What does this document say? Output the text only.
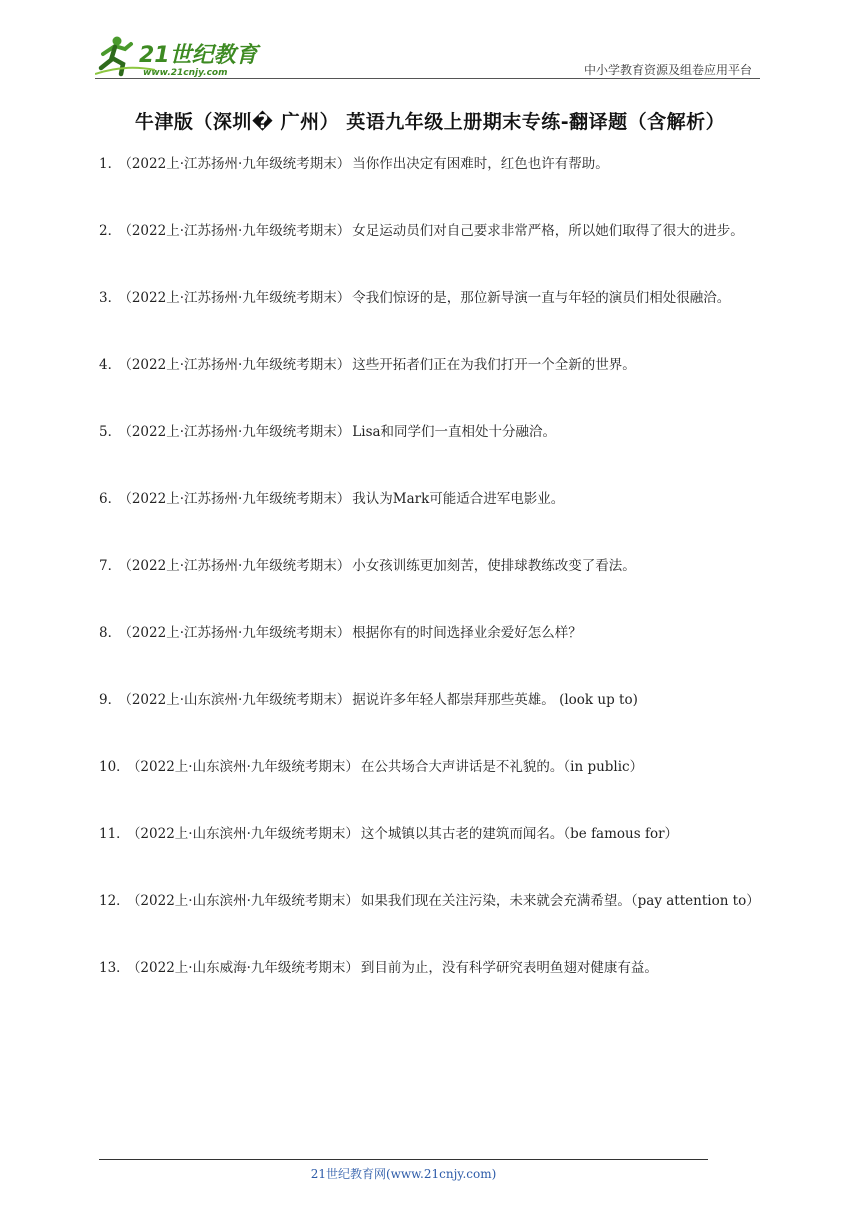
21世纪教育
www.21cnjy.com	中小学教育资源及组卷应用平台
牛津版（深圳� 广州） 英语九年级上册期末专练-翻译题（含解析）
1． （2022上·江苏扬州·九年级统考期末） 当你作出决定有困难时，红色也许有帮助。
2． （2022上·江苏扬州·九年级统考期末） 女足运动员们对自己要求非常严格，所以她们取得了很大的进步。
3． （2022上·江苏扬州·九年级统考期末） 令我们惊讶的是，那位新导演一直与年轻的演员们相处很融洽。
4． （2022上·江苏扬州·九年级统考期末） 这些开拓者们正在为我们打开一个全新的世界。
5． （2022上·江苏扬州·九年级统考期末） Lisa和同学们一直相处十分融洽。
6． （2022上·江苏扬州·九年级统考期末） 我认为Mark可能适合进军电影业。
7． （2022上·江苏扬州·九年级统考期末） 小女孩训练更加刻苦，使排球教练改变了看法。
8． （2022上·江苏扬州·九年级统考期末） 根据你有的时间选择业余爱好怎么样？
9． （2022上·山东滨州·九年级统考期末） 据说许多年轻人都崇拜那些英雄。 (look up to)
10． （2022上·山东滨州·九年级统考期末） 在公共场合大声讲话是不礼貌的。（in public）
11． （2022上·山东滨州·九年级统考期末） 这个城镇以其古老的建筑而闻名。（be famous for）
12． （2022上·山东滨州·九年级统考期末） 如果我们现在关注污染，未来就会充满希望。（pay attention to）
13． （2022上·山东威海·九年级统考期末） 到目前为止，没有科学研究表明鱼翅对健康有益。
21世纪教育网(www.21cnjy.com)
